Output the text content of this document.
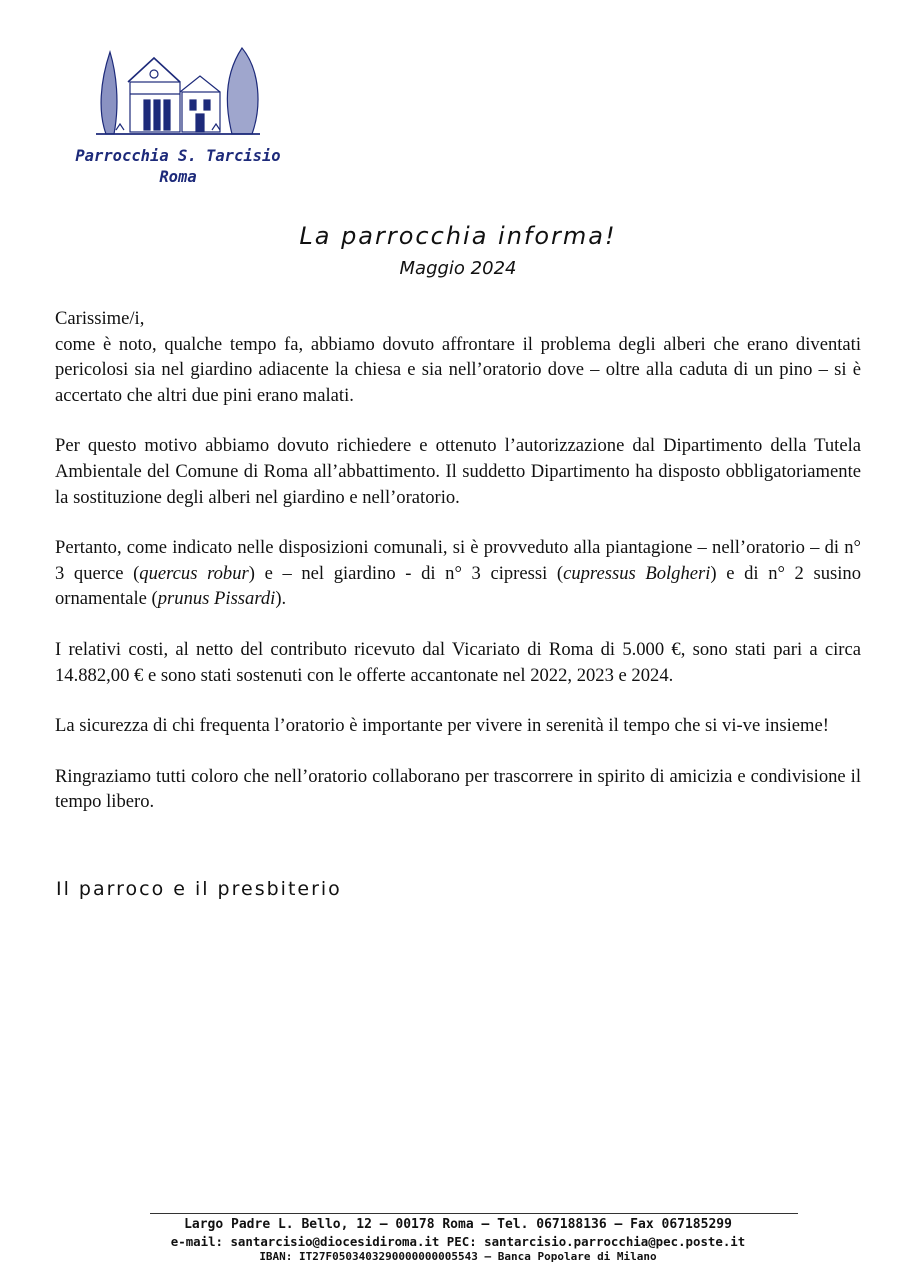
Parrocchia S. Tarcisio
Roma
La parrocchia informa!
Maggio 2024

Carissime/i,
come è noto, qualche tempo fa, abbiamo dovuto affrontare il problema degli alberi che erano diventati pericolosi sia nel giardino adiacente la chiesa e sia nell’oratorio dove – oltre alla caduta di un pino – si è accertato che altri due pini erano malati.

Per questo motivo abbiamo dovuto richiedere e ottenuto l’autorizzazione dal Dipartimento della Tutela Ambientale del Comune di Roma all’abbattimento. Il suddetto Dipartimento ha disposto obbligatoriamente la sostituzione degli alberi nel giardino e nell’oratorio.

Pertanto, come indicato nelle disposizioni comunali, si è provveduto alla piantagione – nell’oratorio – di n° 3 querce (quercus robur) e – nel giardino - di n° 3 cipressi (cupressus Bolgheri) e di n° 2 susino ornamentale (prunus Pissardi).

I relativi costi, al netto del contributo ricevuto dal Vicariato di Roma di 5.000 €, sono stati pari a circa 14.882,00 € e sono stati sostenuti con le offerte accantonate nel 2022, 2023 e 2024.

La sicurezza di chi frequenta l’oratorio è importante per vivere in serenità il tempo che si vi-ve insieme!

Ringraziamo tutti coloro che nell’oratorio collaborano per trascorrere in spirito di amicizia e condivisione il tempo libero.

Il parroco e il presbiterio
Largo Padre L. Bello, 12 – 00178 Roma – Tel. 067188136 – Fax 067185299
e-mail: santarcisio@diocesidiroma.it PEC: santarcisio.parrocchia@pec.poste.it
IBAN: IT27F0503403290000000005543 – Banca Popolare di Milano
